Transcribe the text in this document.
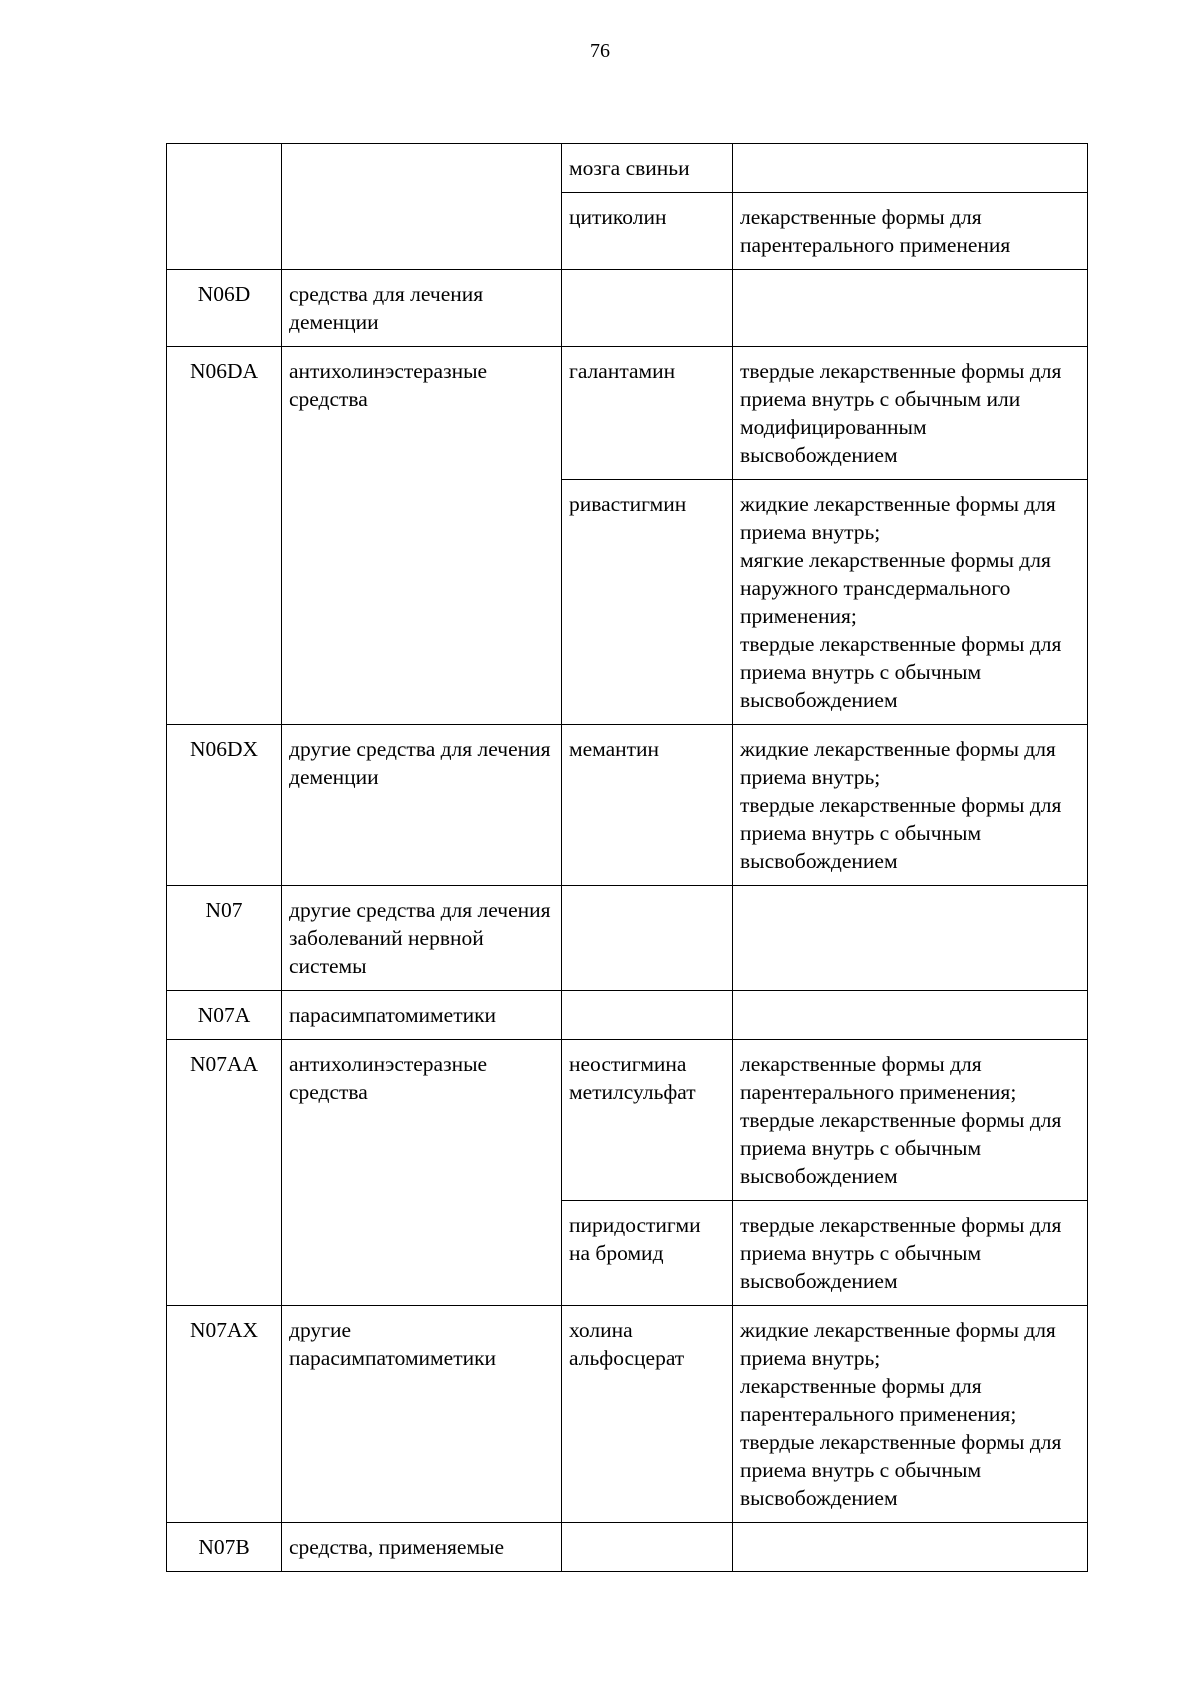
76
		мозга свиньи	
		цитиколин	лекарственные формы для парентерального применения
N06D	средства для лечения деменции		
N06DA	антихолинэстеразные средства	галантамин	твердые лекарственные формы для приема внутрь с обычным или модифицированным высвобождением
		ривастигмин	жидкие лекарственные формы для приема внутрь;
мягкие лекарственные формы для наружного трансдермального применения;
твердые лекарственные формы для приема внутрь с обычным высвобождением
N06DX	другие средства для лечения деменции	мемантин	жидкие лекарственные формы для приема внутрь;
твердые лекарственные формы для приема внутрь с обычным высвобождением
N07	другие средства для лечения заболеваний нервной системы		
N07A	парасимпатомиметики		
N07AA	антихолинэстеразные средства	неостигмина метилсульфат	лекарственные формы для парентерального применения;
твердые лекарственные формы для приема внутрь с обычным высвобождением
		пиридостигми на бромид	твердые лекарственные формы для приема внутрь с обычным высвобождением
N07AX	другие парасимпатомиметики	холина альфосцерат	жидкие лекарственные формы для приема внутрь;
лекарственные формы для парентерального применения;
твердые лекарственные формы для приема внутрь с обычным высвобождением
N07B	средства, применяемые		
